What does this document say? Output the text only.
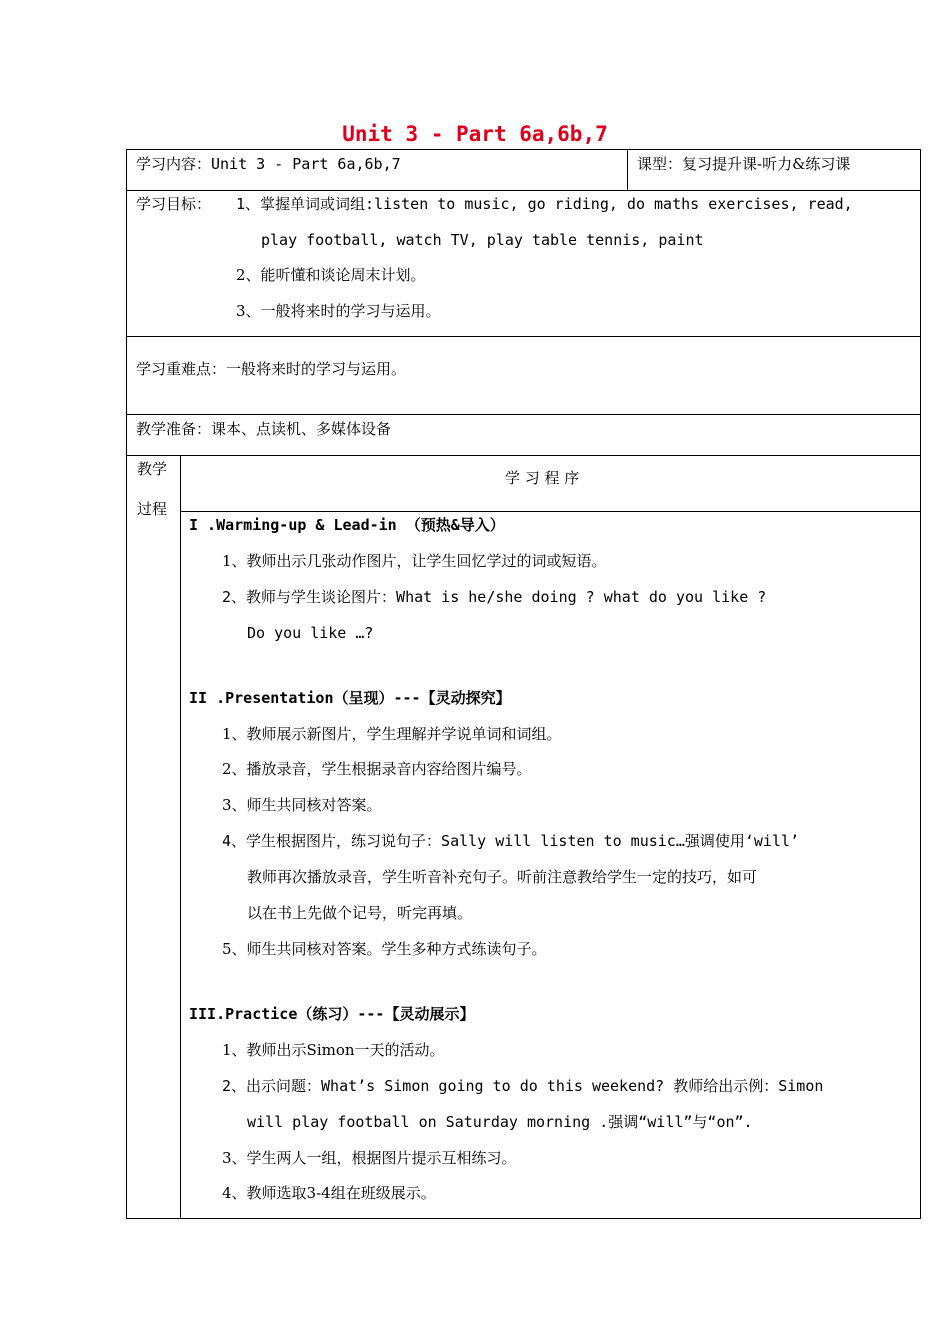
Unit 3 - Part 6a,6b,7
学习内容：Unit 3 - Part 6a,6b,7	课型：复习提升课-听力&练习课
学习目标： 1、掌握单词或词组:listen to music, go riding, do maths exercises, read,
play football, watch TV, play table tennis, paint
2、能听懂和谈论周末计划。
3、一般将来时的学习与运用。
学习重难点：一般将来时的学习与运用。
教学准备：课本、点读机、多媒体设备
教学
过程
学 习 程 序
I .Warming-up & Lead-in （预热&导入）
1、教师出示几张动作图片，让学生回忆学过的词或短语。
2、教师与学生谈论图片：What is he/she doing ? what do you like ?
Do you like …?
II .Presentation（呈现）---【灵动探究】
1、教师展示新图片，学生理解并学说单词和词组。
2、播放录音，学生根据录音内容给图片编号。
3、师生共同核对答案。
4、学生根据图片，练习说句子：Sally will listen to music…强调使用‘will’
教师再次播放录音，学生听音补充句子。听前注意教给学生一定的技巧，如可
以在书上先做个记号，听完再填。
5、师生共同核对答案。学生多种方式练读句子。
III.Practice（练习）---【灵动展示】
1、教师出示Simon一天的活动。
2、出示问题：What’s Simon going to do this weekend? 教师给出示例：Simon
will play football on Saturday morning .强调“will”与“on”.
3、学生两人一组，根据图片提示互相练习。
4、教师选取3-4组在班级展示。
